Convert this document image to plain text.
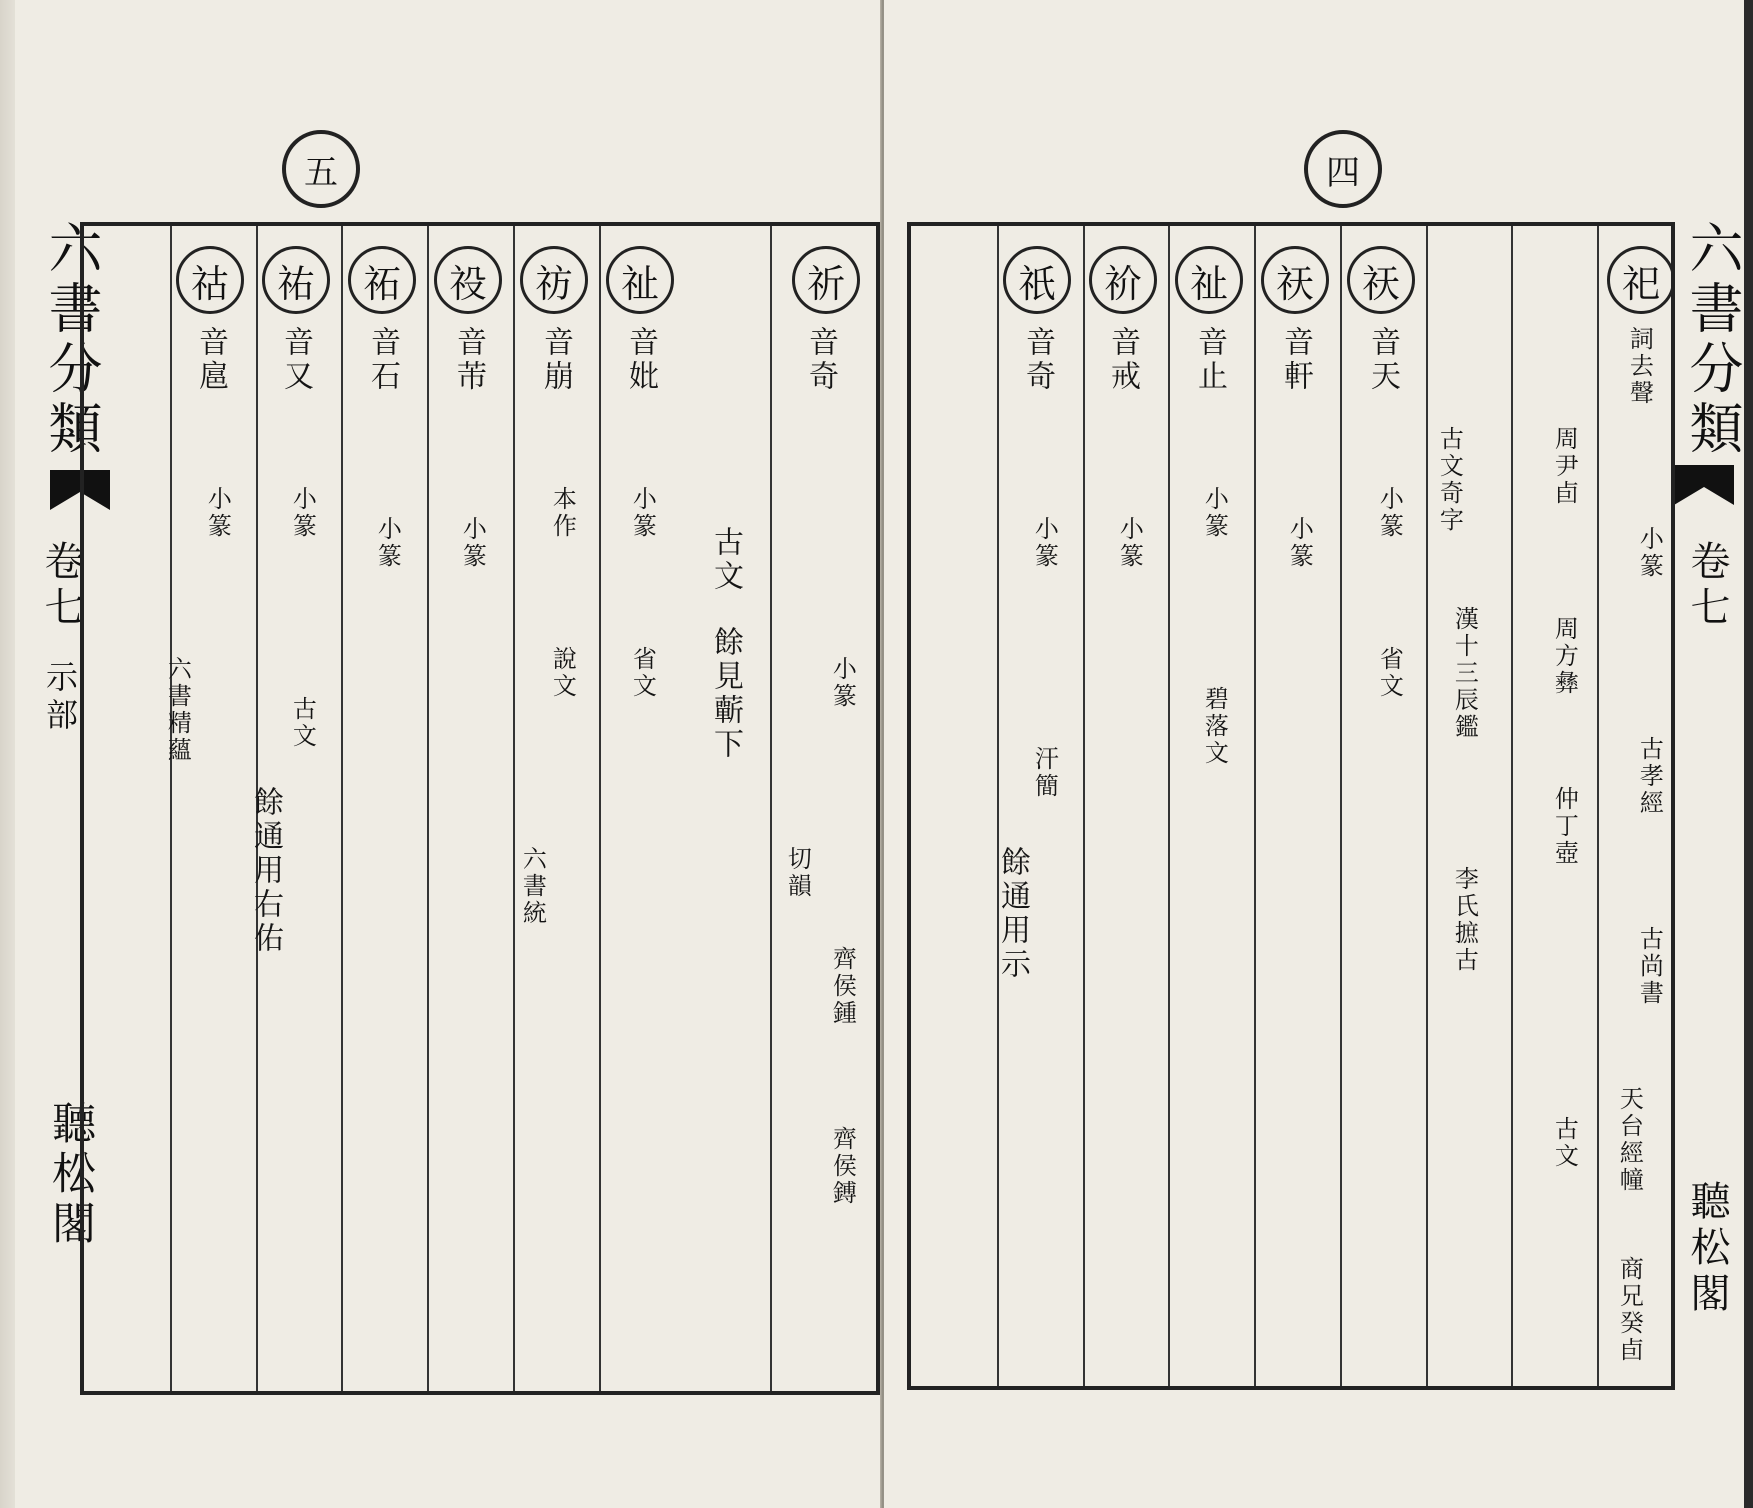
五
六書分類
卷七
示部
聽松閣
祈
音奇
小篆
切韻
齊侯鍾
齊侯鎛
古文
餘見蘄下
祉
音妣
小篆
省文
祊
音崩
本作
說文
六書統
祋
音芾
小篆
祏
音石
小篆
祐
音又
小篆
古文
餘通用右佑
祜
音扈
小篆
六書精蘊
四
六書分類
卷七
聽松閣
祀
詞去聲
小篆
古孝經
古尚書
天台經幢
商兄癸卣
古文
周尹卣
周方彝
仲丁壺
祆
音天
小篆
省文
古文奇字
漢十三辰鑑
李氏摭古
祆
音軒
小篆
祉
音止
小篆
碧落文
祄
音戒
小篆
祇
音奇
小篆
汗簡
餘通用示
